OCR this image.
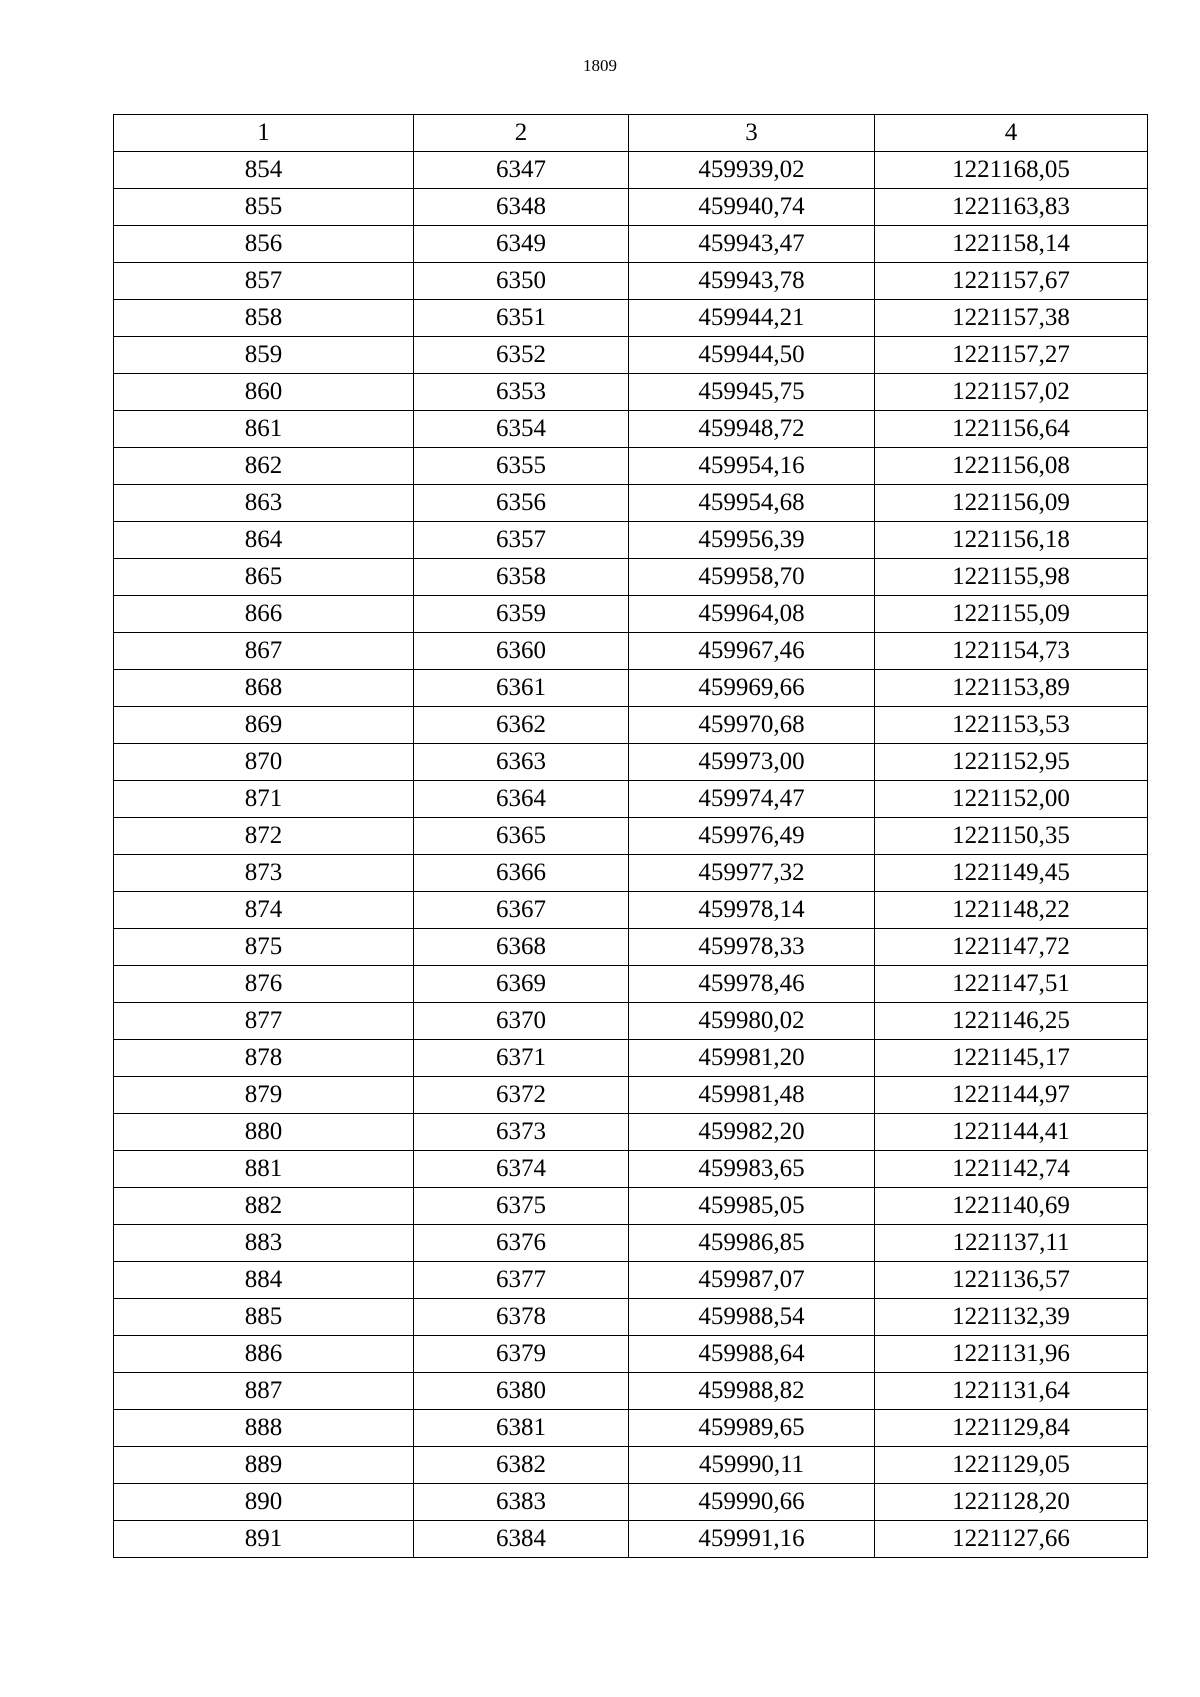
1809
1	2	3	4
854	6347	459939,02	1221168,05
855	6348	459940,74	1221163,83
856	6349	459943,47	1221158,14
857	6350	459943,78	1221157,67
858	6351	459944,21	1221157,38
859	6352	459944,50	1221157,27
860	6353	459945,75	1221157,02
861	6354	459948,72	1221156,64
862	6355	459954,16	1221156,08
863	6356	459954,68	1221156,09
864	6357	459956,39	1221156,18
865	6358	459958,70	1221155,98
866	6359	459964,08	1221155,09
867	6360	459967,46	1221154,73
868	6361	459969,66	1221153,89
869	6362	459970,68	1221153,53
870	6363	459973,00	1221152,95
871	6364	459974,47	1221152,00
872	6365	459976,49	1221150,35
873	6366	459977,32	1221149,45
874	6367	459978,14	1221148,22
875	6368	459978,33	1221147,72
876	6369	459978,46	1221147,51
877	6370	459980,02	1221146,25
878	6371	459981,20	1221145,17
879	6372	459981,48	1221144,97
880	6373	459982,20	1221144,41
881	6374	459983,65	1221142,74
882	6375	459985,05	1221140,69
883	6376	459986,85	1221137,11
884	6377	459987,07	1221136,57
885	6378	459988,54	1221132,39
886	6379	459988,64	1221131,96
887	6380	459988,82	1221131,64
888	6381	459989,65	1221129,84
889	6382	459990,11	1221129,05
890	6383	459990,66	1221128,20
891	6384	459991,16	1221127,66
